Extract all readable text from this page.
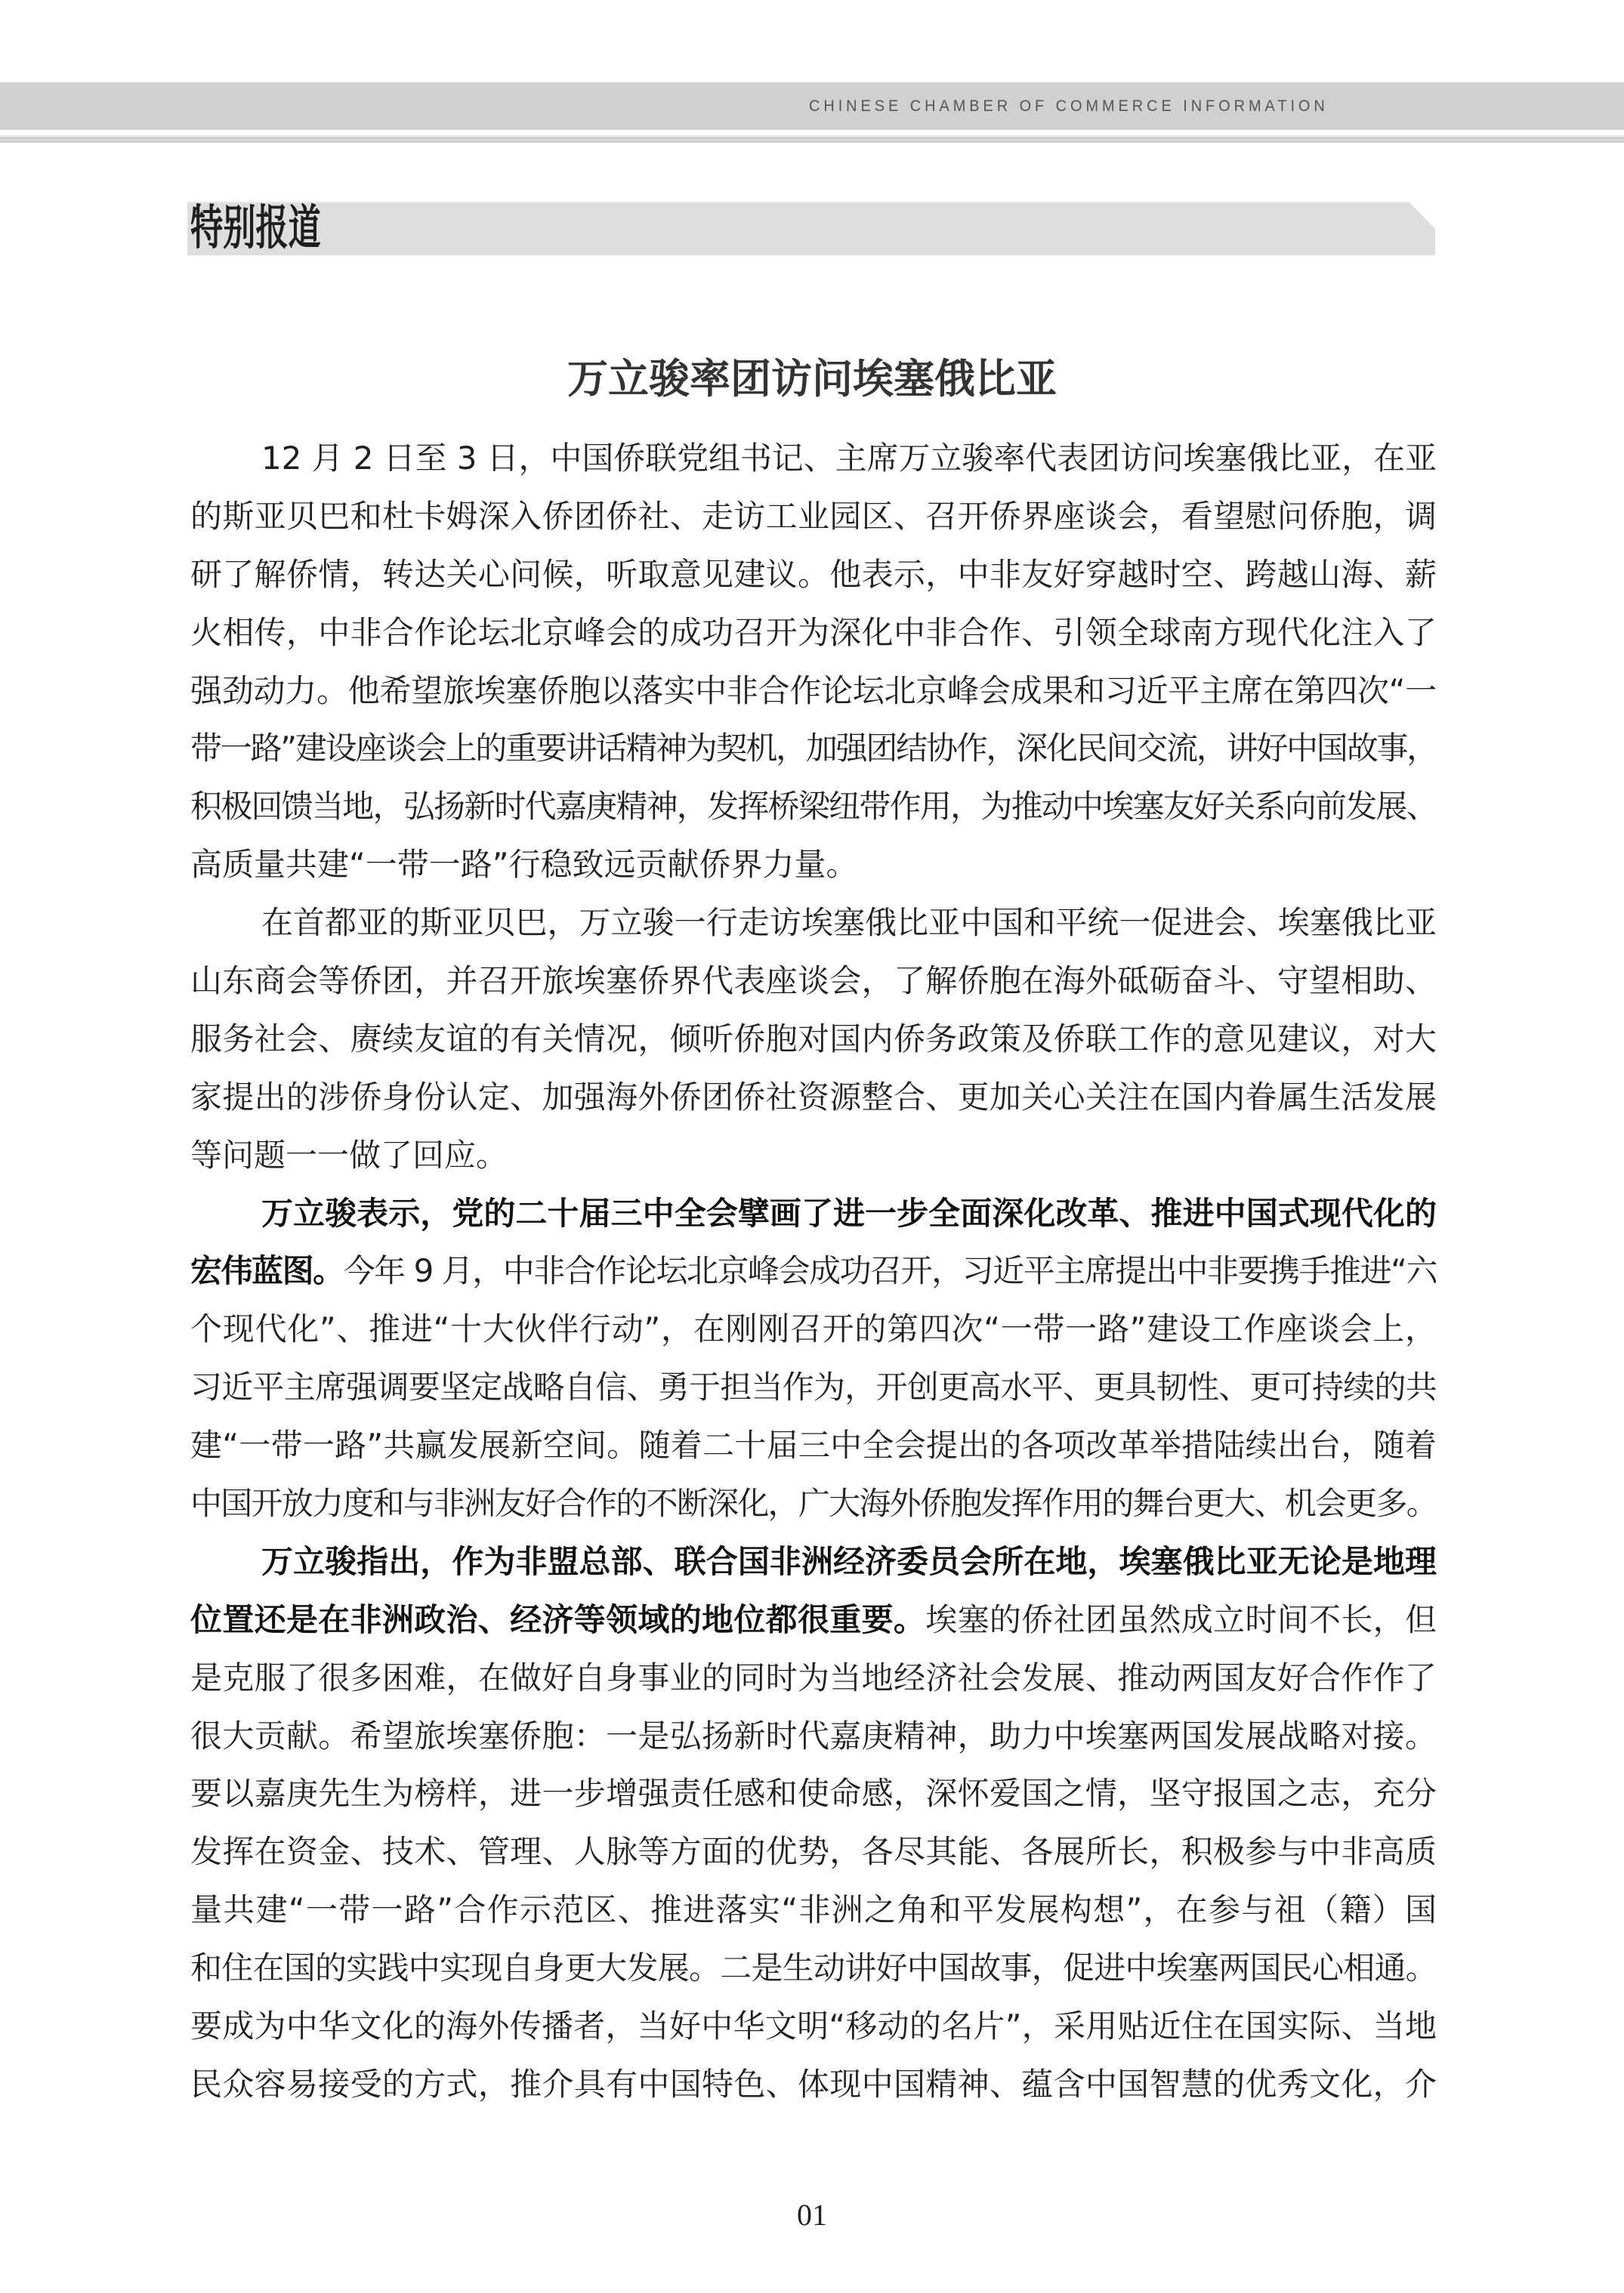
CHINESE CHAMBER OF COMMERCE INFORMATION
特别报道
万立骏率团访问埃塞俄比亚
12 月 2 日至 3 日，中国侨联党组书记、主席万立骏率代表团访问埃塞俄比亚，在亚
的斯亚贝巴和杜卡姆深入侨团侨社、走访工业园区、召开侨界座谈会，看望慰问侨胞，调
研了解侨情，转达关心问候，听取意见建议。他表示，中非友好穿越时空、跨越山海、薪
火相传，中非合作论坛北京峰会的成功召开为深化中非合作、引领全球南方现代化注入了
强劲动力。他希望旅埃塞侨胞以落实中非合作论坛北京峰会成果和习近平主席在第四次“一
带一路”建设座谈会上的重要讲话精神为契机，加强团结协作，深化民间交流，讲好中国故事，
积极回馈当地，弘扬新时代嘉庚精神，发挥桥梁纽带作用，为推动中埃塞友好关系向前发展、
高质量共建“一带一路”行稳致远贡献侨界力量。
在首都亚的斯亚贝巴，万立骏一行走访埃塞俄比亚中国和平统一促进会、埃塞俄比亚
山东商会等侨团，并召开旅埃塞侨界代表座谈会，了解侨胞在海外砥砺奋斗、守望相助、
服务社会、赓续友谊的有关情况，倾听侨胞对国内侨务政策及侨联工作的意见建议，对大
家提出的涉侨身份认定、加强海外侨团侨社资源整合、更加关心关注在国内眷属生活发展
等问题一一做了回应。
万立骏表示，党的二十届三中全会擘画了进一步全面深化改革、推进中国式现代化的
宏伟蓝图。今年 9 月，中非合作论坛北京峰会成功召开，习近平主席提出中非要携手推进“六
个现代化”、推进“十大伙伴行动”，在刚刚召开的第四次“一带一路”建设工作座谈会上，
习近平主席强调要坚定战略自信、勇于担当作为，开创更高水平、更具韧性、更可持续的共
建“一带一路”共赢发展新空间。随着二十届三中全会提出的各项改革举措陆续出台，随着
中国开放力度和与非洲友好合作的不断深化，广大海外侨胞发挥作用的舞台更大、机会更多。
万立骏指出，作为非盟总部、联合国非洲经济委员会所在地，埃塞俄比亚无论是地理
位置还是在非洲政治、经济等领域的地位都很重要。埃塞的侨社团虽然成立时间不长，但
是克服了很多困难，在做好自身事业的同时为当地经济社会发展、推动两国友好合作作了
很大贡献。希望旅埃塞侨胞：一是弘扬新时代嘉庚精神，助力中埃塞两国发展战略对接。
要以嘉庚先生为榜样，进一步增强责任感和使命感，深怀爱国之情，坚守报国之志，充分
发挥在资金、技术、管理、人脉等方面的优势，各尽其能、各展所长，积极参与中非高质
量共建“一带一路”合作示范区、推进落实“非洲之角和平发展构想”，在参与祖（籍）国
和住在国的实践中实现自身更大发展。二是生动讲好中国故事，促进中埃塞两国民心相通。
要成为中华文化的海外传播者，当好中华文明“移动的名片”，采用贴近住在国实际、当地
民众容易接受的方式，推介具有中国特色、体现中国精神、蕴含中国智慧的优秀文化，介
01
